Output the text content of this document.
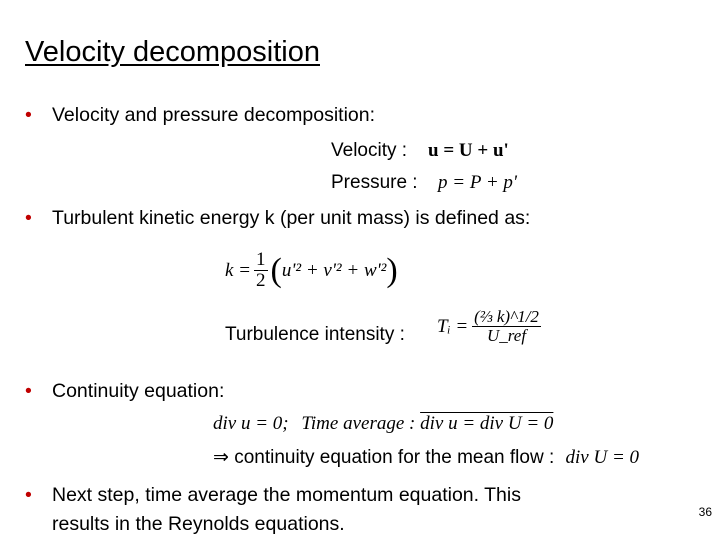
Velocity decomposition
• Velocity and pressure decomposition:
Velocity : u = U + u'
Pressure : p = P + p'
• Turbulent kinetic energy k (per unit mass) is defined as:
$k = \frac{1}{2}$ ( u'² + v'² + w'² )
Turbulence intensity : Tᵢ = $\frac{\text{(⅔ k)\textasciicircum{}1/2}}{\text{U\_ref}}$
• Continuity equation:
div u = 0; Time average : div u = div U = 0
⇒ continuity equation for the mean flow : div U = 0
• Next step, time average the momentum equation. This
results in the Reynolds equations.
36
